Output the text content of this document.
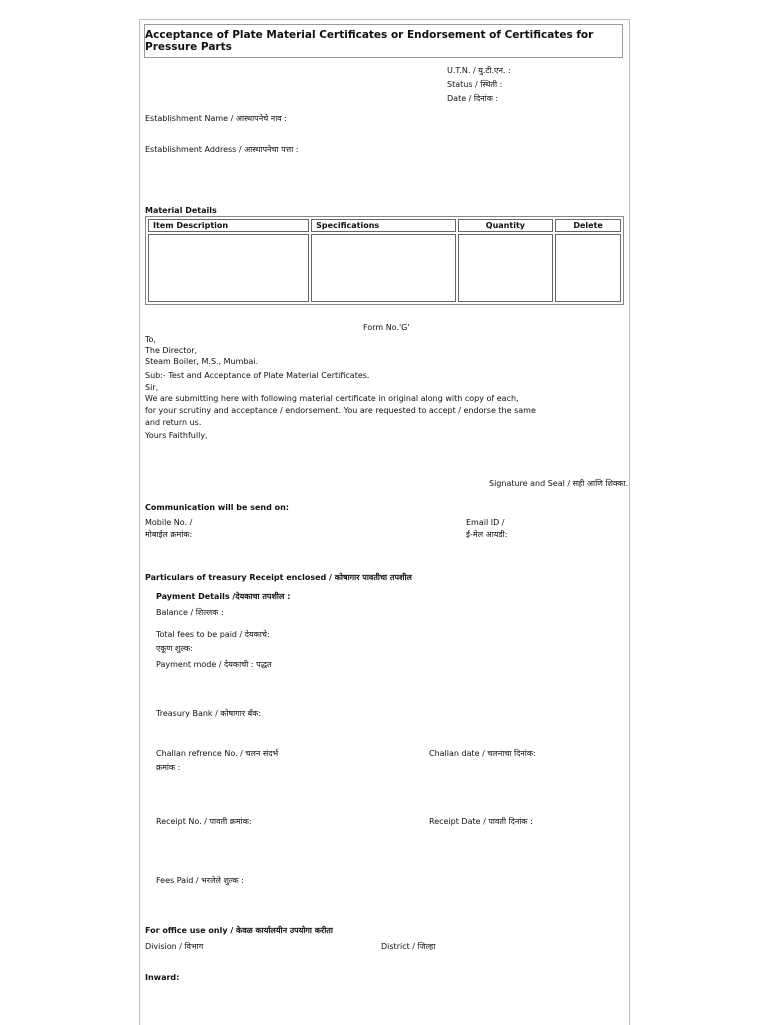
Acceptance of Plate Material Certificates or Endorsement of Certificates for Pressure Parts
U.T.N. / यु.टी.एन. :
Status / स्थिती :
Date / दिनांक :
Establishment Name / आस्थापनेचे नाव :
Establishment Address / आस्थापनेचा पत्ता :
Material Details
Item Description	Specifications	Quantity	Delete

Form No.'G'
To,
The Director,
Steam Boiler, M.S., Mumbai.
Sub:- Test and Acceptance of Plate Material Certificates.
Sir,
We are submitting here with following material certificate in original along with copy of each,
for your scrutiny and acceptance / endorsement. You are requested to accept / endorse the same
and return us.
Yours Faithfully,
Signature and Seal / सही आणि शिक्का.
Communication will be send on:
Mobile No. /
मोबाईल क्रमांक:
Email ID /
ई-मेल आयडी:
Particulars of treasury Receipt enclosed / कोषागार पावतीचा तपशील
Payment Details /देयकाचा तपशील :
Balance / शिल्लक :
Total fees to be paid / देयकाचे:
एकूण शुल्क:
Payment mode / देयकाची : पद्धत
Treasury Bank / कोषागार बँक:
Challan refrence No. / चलन संदर्भ
क्रमांक :
Challan date / चलनाचा दिनांक:
Receipt No. / पावती क्रमांक:	Receipt Date / पावती दिनांक :
Fees Paid / भरलेले शुल्क :
For office use only / केवळ कार्यालयीन उपयोगा करीता
Division / विभाग	District / जिल्हा
Inward:
